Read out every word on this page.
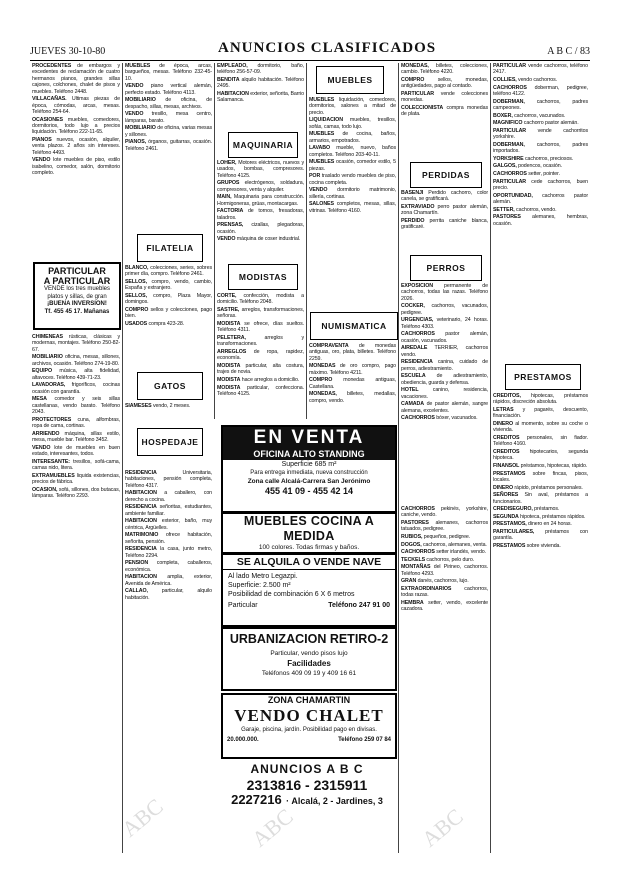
JUEVES 30-10-80	ANUNCIOS CLASIFICADOS	A B C / 83

PROCEDENTES de embargos y excedentes de reclamación de cuatro hermanos pianos, grandes sillas cajones, colchones, chalet de pisos y muebles. Teléfono 2448.

VILLACAÑAS. Ultimas piezas de época, cómodas, arcas, mesas. Teléfono 254-64.

OCASIONES muebles, comedores, dormitorios, todo lujo a precios liquidación. Teléfono 222-11-65.

PIANOS nuevos, ocasión, alquiler, venta plazos. 2 años sin intereses. Teléfono 4493.

VENDO lote muebles de piso, estilo isabelino, comedor, salón, dormitorio completo.

PARTICULAR
A PARTICULAR
VENDE los tres muebles
platos y sillas, de gran
¡BUENA INVERSION!
Tf. 455 45 17. Mañanas

CHIMENEAS rústicas, clásicas y modernas, montajes. Teléfono 250-82-67.

MOBILIARIO oficina, mesas, sillones, archivos, ocasión. Teléfono 274-19-80.

EQUIPO música, alta fidelidad, altavoces. Teléfono 439-71-23.

LAVADORAS, frigoríficos, cocinas ocasión con garantía.

MESA comedor y seis sillas castellanas, vendo barato. Teléfono 2043.

PROTECTORES cuna, alfombras, ropa de cama, cortinas.

ARRIENDO máquina, sillas estilo, mesa, mueble bar. Teléfono 3452.

VENDO lote de muebles en buen estado, interesantes, todos.

INTERESANTE: tresillos, sofá-cama, camas nido, litera.

EXTRAMUEBLES liquida existencias, precios de fábrica.

OCASION, sofá, sillones, dos butacas, lámparas. Teléfono 2293.

MUEBLES de época, arcas, bargueños, mesas. Teléfono 232-45-10.

VENDO piano vertical alemán, perfecto estado. Teléfono 4113.

MOBILIARIO de oficina, de despacho, sillas, mesas, archivos.

VENDO tresillo, mesa centro, lámparas, barato.

MOBILIARIO de oficina, varias mesas y sillones.

PIANOS, órganos, guitarras, ocasión. Teléfono 2461.

FILATELIA

BLANCO, colecciones, series, sobres primer día, compro. Teléfono 2461.

SELLOS, compro, vendo, cambio, España y extranjero.

SELLOS, compro, Plaza Mayor, domingos.

COMPRO sellos y colecciones, pago bien.

USADOS compra 423-28.

GATOS

SIAMESES vendo, 2 meses.

HOSPEDAJE

RESIDENCIA	Universitaria, habitaciones, pensión completa, Teléfono 4317.

HABITACION a caballero, con derecho a cocina.

RESIDENCIA señoritas, estudiantes, ambiente familiar.

HABITACION exterior, baño, muy céntrica, Argüelles.

MATRIMONIO ofrece habitación, señorita, pensión.

RESIDENCIA la casa, junto metro, Teléfono 2294.

PENSION completa, caballeros, económica.

HABITACION amplia, exterior, Avenida de América.

CALLAO,	particular, alquilo habitación.

EMPLEADO, dormitorio, baño, teléfono 256-57-09.

BENDITA alquilo habitación. Teléfono 2495.

HABITACION exterior, señorita, Barrio Salamanca.

MAQUINARIA

LOHER, Motores eléctricos, nuevos y usados, bombas, compresores. Teléfono 4125.

GRUPOS electrógenos, soldadura, compresores, venta y alquiler.

MAIN, Maquinaria para construcción. Hormigoneras, grúas, montacargas.

FACTORIA de tornos, fresadoras, taladros.

PRENSAS, cizallas, plegadoras, ocasión.

VENDO máquina de coser industrial.

MODISTAS

CORTE, confección, modista a domicilio. Teléfono 2048.

SASTRE, arreglos, transformaciones, señoras.

MODISTA se ofrece, días sueltos. Teléfono 4311.

PELETERA,	arreglos y transformaciones.

ARREGLOS de ropa, rapidez, economía.

MODISTA particular, alta costura, trajes de novia.

MODISTA hace arreglos a domicilio.

MODISTA particular, confecciona. Teléfono 4125.

MUEBLES

MUEBLES liquidación, comedores, dormitorios, salones a mitad de precio.

LIQUIDACION muebles, tresillos, sofás, camas, todo lujo.

MUEBLES de cocina, baños, armarios, empotrados.

LAVABO mueble, nuevo, baños completos. Teléfono 203-40-11.

MUEBLES ocasión, comedor estilo, 5 piezas.

POR traslado vendo muebles de piso, cocina completa.

VENDO dormitorio matrimonio, sillería, cortinas.

SALONES completos, mesas, sillas, vitrinas. Teléfono 4160.

NUMISMATICA

COMPRAVENTA de monedas antiguas, oro, plata, billetes. Teléfono 2259.

MONEDAS de oro compro, pago máximo. Teléfono 4211.

COMPRO monedas antiguas, Castellana.

MONEDAS, billetes, medallas, compro, vendo.

MONEDAS, billetes, colecciones, cambio. Teléfono 4220.

COMPRO	sellos, monedas, antigüedades, pago al contado.

PARTICULAR vende colecciones monedas.

COLECCIONISTA compra monedas de plata.

PERDIDAS

BASENJI Perdido cachorro, color canela, se gratificará.

EXTRAVIADO perro pastor alemán, zona Chamartín.

PERDIDO perrita caniche blanca, gratificaré.

PERROS

EXPOSICION permanente de cachorros, todas las razas. Teléfono 2026.

COCKER, cachorros, vacunados, pedigree.

URGENCIAS, veterinario, 24 horas. Teléfono 4303.

CACHORROS pastor alemán, ocasión, vacunados.

AIREDALE TERRIER, cachorros vendo.

RESIDENCIA canina, cuidado de perros, adiestramiento.

ESCUELA de adiestramiento, obediencia, guarda y defensa.

HOTEL	canino, residencia, vacaciones.

CAMADA de pastor alemán, sangre alemana, excelentes.

CACHORROS bóxer, vacunados.

CACHORROS pekinés, yorkshire, caniche, vendo.

PASTORES alemanes, cachorros tatuados, pedigree.

RUBIOS, pequeños, pedigree.

DOGOS, cachorros, alemanes, venta.

CACHORROS setter irlandés, vendo.

TECKELS cachorros, pelo duro.

MONTAÑAS del Pirineo, cachorros. Teléfono 4293.

GRAN danés, cachorros, lujo.

EXTRAORDINARIOS cachorros, todas razas.

HEMBRA setter, vendo, excelente cazadora.

PARTICULAR vende cachorros, teléfono 2417.

COLLIES, vendo cachorros.

CACHORROS doberman, pedigree, teléfono 4122.

DOBERMAN, cachorros, padres campeones.

BOXER, cachorros, vacunados.

MAGNIFICO cachorro pastor alemán.

PARTICULAR vende cachorritos yorkshire.

DOBERMAN, cachorros, padres importados.

YORKSHIRE cachorros, preciosos.

GALGOS, podencos, ocasión.

CACHORROS setter, pointer.

PARTICULAR cede cachorros, buen precio.

OPORTUNIDAD, cachorros pastor alemán.

SETTER, cachorros, vendo.

PASTORES alemanes, hembras, ocasión.

PRESTAMOS

CREDITOS, hipotecas, préstamos rápidos, discreción absoluta.

LETRAS y pagarés, descuento, financiación.

DINERO al momento, sobre su coche o vivienda.

CREDITOS personales, sin fiador. Teléfono 4160.

CREDITOS hipotecarios, segunda hipoteca.

FINANSOL préstamos, hipotecas, rápido.

PRESTAMOS sobre fincas, pisos, locales.

DINERO rápido, préstamos personales.

SEÑORES Sin aval, préstamos a funcionarios.

CREDISEGURO, préstamos.

SEGUNDA hipoteca, préstamos rápidos.

PRESTAMOS, dinero en 24 horas.

PARTICULARES, préstamos con garantía.

PRESTAMOS sobre vivienda.

EN VENTA
OFICINA ALTO STANDING
Superficie 685 m²
Para entrega inmediata, nueva construcción
Zona calle Alcalá-Carrera San Jerónimo
455 41 09 - 455 42 14
MUEBLES COCINA A MEDIDA
100 colores. Todas firmas y baños.
SE ALQUILA O VENDE NAVE
Al lado Metro Legazpi.
Superficie: 2.500 m²
Posibilidad de combinación 6 X 6 metros
Particular	Teléfono 247 91 00
URBANIZACION RETIRO-2
Particular, vendo pisos lujo
Facilidades
Teléfonos 409 09 19 y 409 16 61
ZONA CHAMARTIN
VENDO CHALET
Garaje, piscina, jardín. Posibilidad pago en divisas.
20.000.000.	Teléfono 259 07 84
ANUNCIOS A B C
2313816 - 2315911
2227216 · Alcalá, 2 - Jardines, 3
ABC	ABC	ABC
